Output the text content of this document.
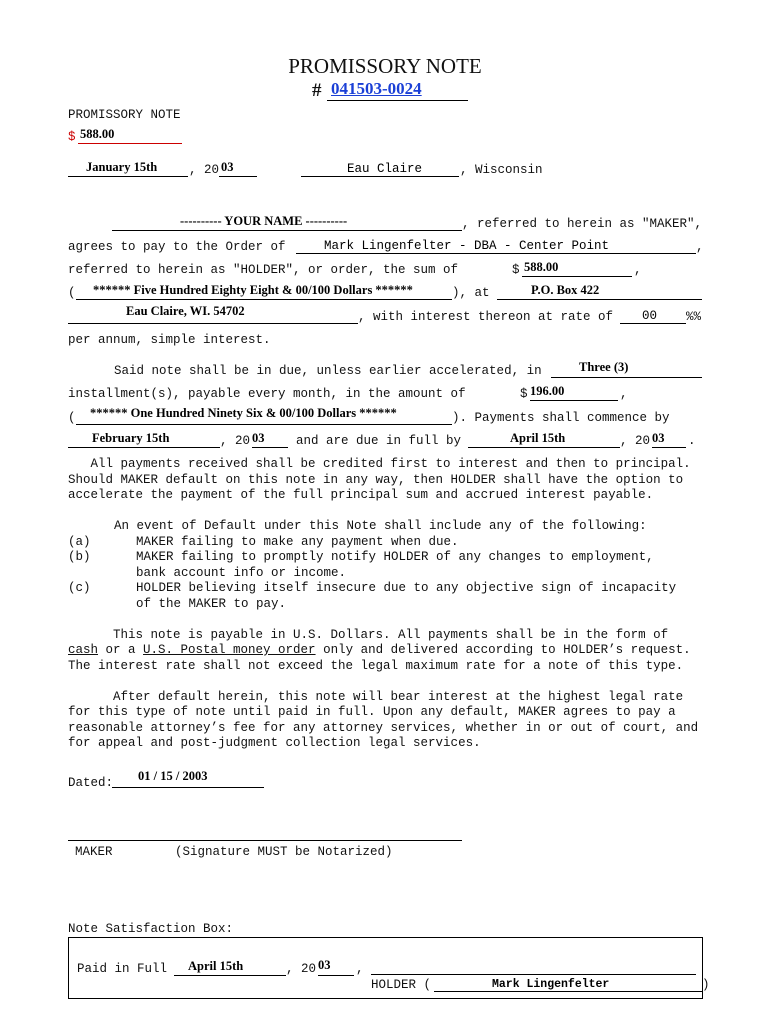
PROMISSORY NOTE
# 041503-0024
PROMISSORY NOTE
$ 588.00
January 15th	, 20 03	Eau Claire	, Wisconsin
---------- YOUR NAME ----------	, referred to herein as "MAKER",
agrees to pay to the Order of	Mark Lingenfelter - DBA - Center Point	,
referred to herein as "HOLDER", or order, the sum of	$ 588.00	,
( ****** Five Hundred Eighty Eight & 00/100 Dollars ******	), at	P.O. Box 422
Eau Claire, WI. 54702	, with interest thereon at rate of 00 %%
per annum, simple interest.
Said note shall be in due, unless earlier accelerated, in	Three (3)
installment(s), payable every month, in the amount of	$ 196.00	,
( ****** One Hundred Ninety Six & 00/100 Dollars ******	). Payments shall commence by
February 15th	, 20 03	and are due in full by	April 15th	, 20 03 .
All payments received shall be credited first to interest and then to principal.
Should MAKER default on this note in any way, then HOLDER shall have the option to
accelerate the payment of the full principal sum and accrued interest payable.
An event of Default under this Note shall include any of the following:
(a)	MAKER failing to make any payment when due.
(b)	MAKER failing to promptly notify HOLDER of any changes to employment,
bank account info or income.
(c)	HOLDER believing itself insecure due to any objective sign of incapacity
of the MAKER to pay.
This note is payable in U.S. Dollars. All payments shall be in the form of
cash or a U.S. Postal money order only and delivered according to HOLDER’s request.
The interest rate shall not exceed the legal maximum rate for a note of this type.
After default herein, this note will bear interest at the highest legal rate
for this type of note until paid in full. Upon any default, MAKER agrees to pay a
reasonable attorney’s fee for any attorney services, whether in or out of court, and
for appeal and post-judgment collection legal services.
Dated: 01 / 15 / 2003
MAKER	(Signature MUST be Notarized)
Note Satisfaction Box:
Paid in Full April 15th	, 20 03 ,
HOLDER (	Mark Lingenfelter	)
